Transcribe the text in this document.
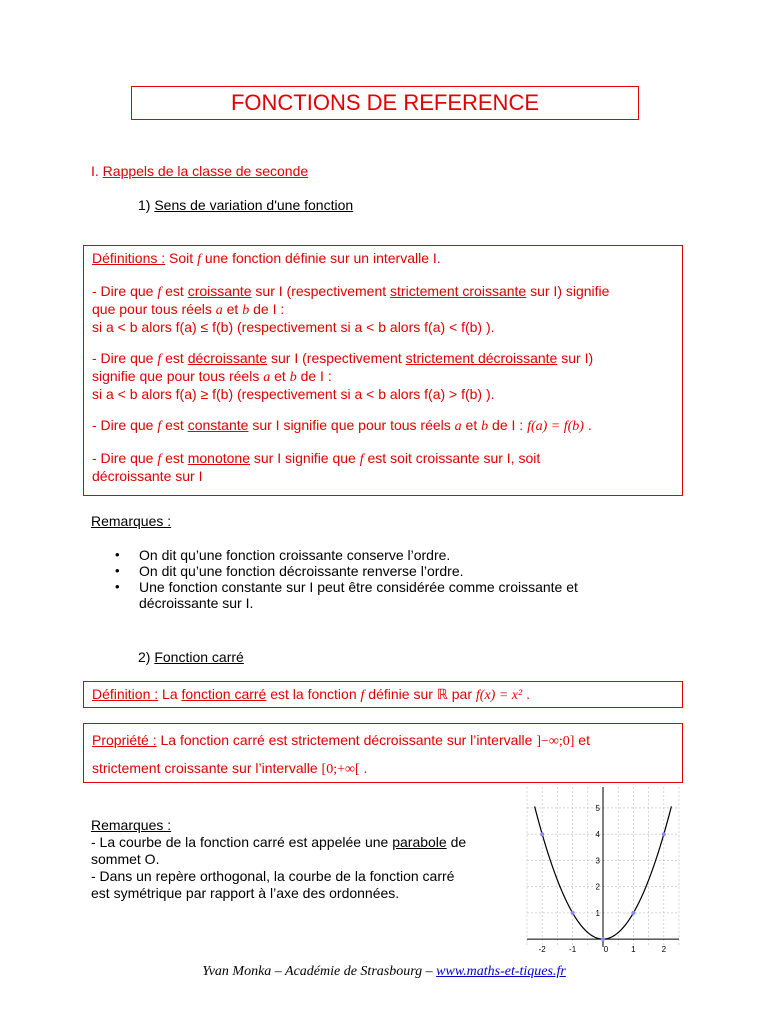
FONCTIONS DE REFERENCE
I. Rappels de la classe de seconde
1) Sens de variation d'une fonction

Définitions : Soit f une fonction définie sur un intervalle I.

- Dire que f est croissante sur I (respectivement strictement croissante sur I) signifie
que pour tous réels a et b de I :
si a < b alors f(a) ≤ f(b) (respectivement si a < b alors f(a) < f(b) ).

- Dire que f est décroissante sur I (respectivement strictement décroissante sur I)
signifie que pour tous réels a et b de I :
si a < b alors f(a) ≥ f(b) (respectivement si a < b alors f(a) > f(b) ).

- Dire que f est constante sur I signifie que pour tous réels a et b de I : f(a) = f(b) .

- Dire que f est monotone sur I signifie que f est soit croissante sur I, soit
décroissante sur I

Remarques :
• On dit qu’une fonction croissante conserve l’ordre.
• On dit qu’une fonction décroissante renverse l’ordre.
• Une fonction constante sur I peut être considérée comme croissante et
décroissante sur I.
2) Fonction carré
Définition : La fonction carré est la fonction f définie sur ℝ par f(x) = x² .
Propriété : La fonction carré est strictement décroissante sur l’intervalle ]−∞;0] et
strictement croissante sur l’intervalle [0;+∞[ .
Remarques :
- La courbe de la fonction carré est appelée une parabole de
sommet O.
- Dans un repère orthogonal, la courbe de la fonction carré
est symétrique par rapport à l’axe des ordonnées.
-2	-1	0	1	2
1
2
3
4
5
Yvan Monka – Académie de Strasbourg – www.maths-et-tiques.fr
